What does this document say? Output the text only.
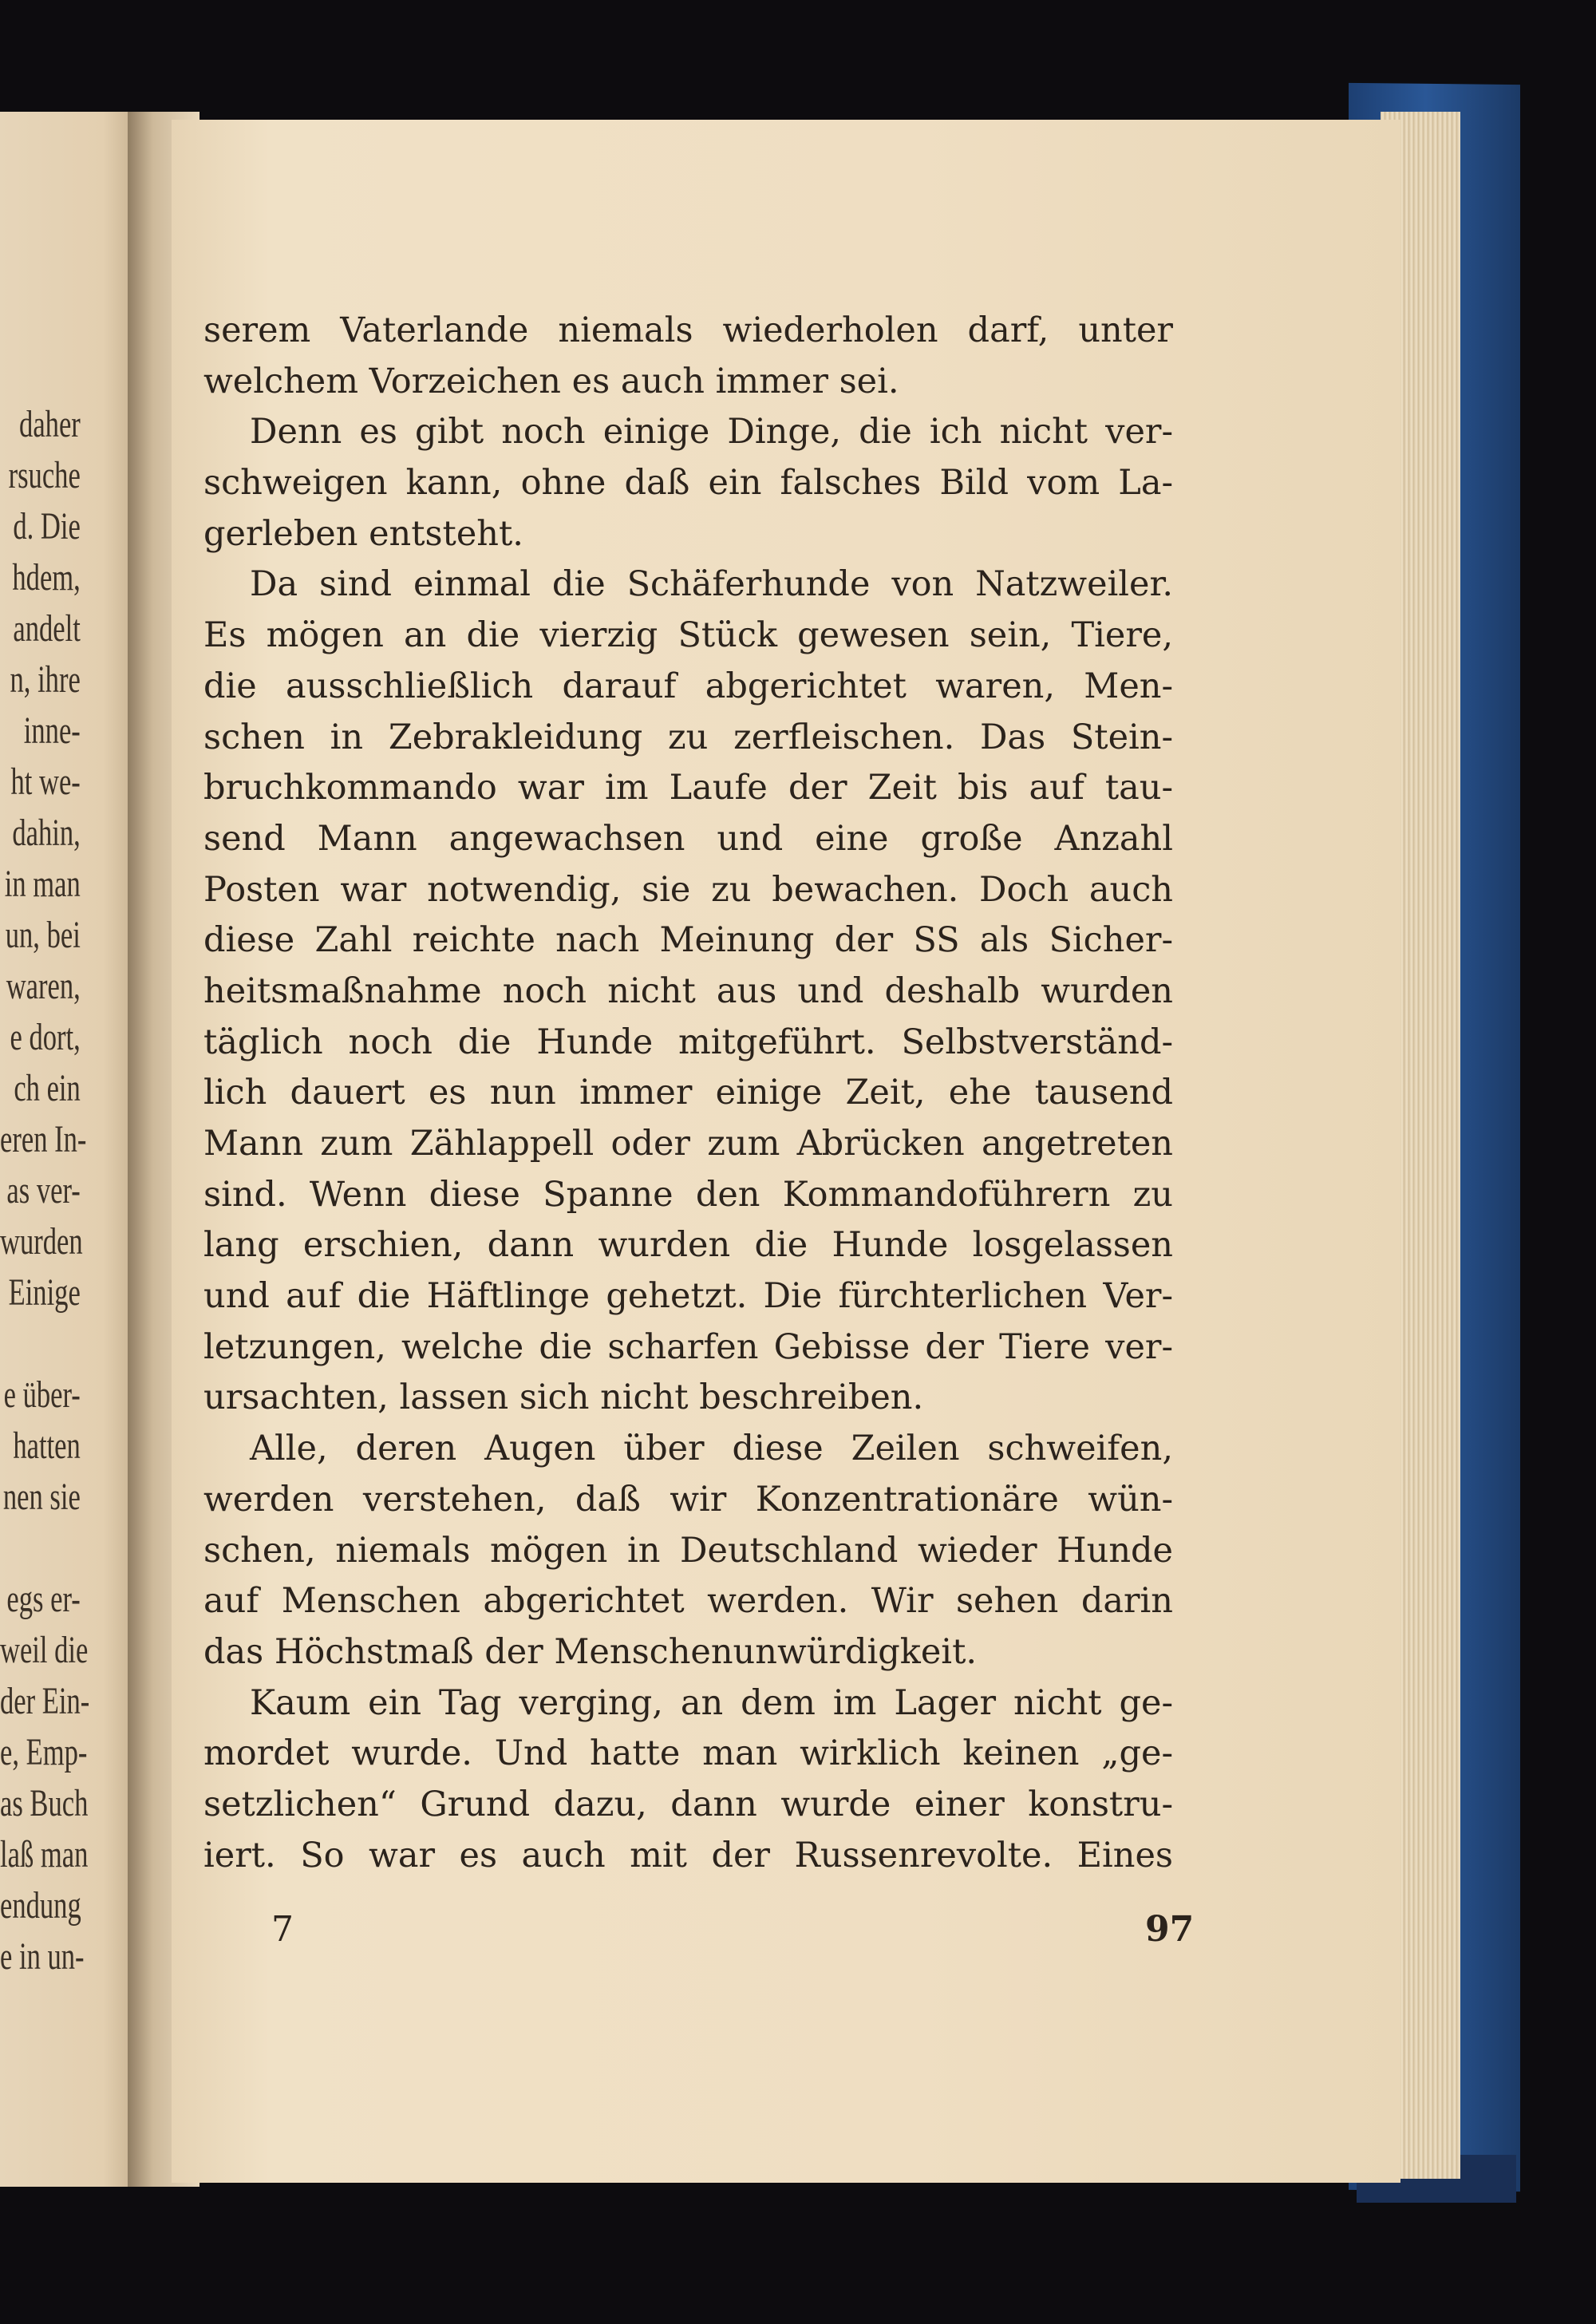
daher
rsuche
d. Die
hdem,
andelt
n, ihre
inne-
ht we-
dahin,
in man
un, bei
waren,
e dort,
ch ein
eren In-
as ver-
wurden
Einige
e über-
hatten
nen sie
egs er-
weil die
der Ein-
e, Emp-
as Buch
laß man
endung
e in un-
serem Vaterlande niemals wiederholen darf, unter
welchem Vorzeichen es auch immer sei.
Denn es gibt noch einige Dinge, die ich nicht ver-
schweigen kann, ohne daß ein falsches Bild vom La-
gerleben entsteht.
Da sind einmal die Schäferhunde von Natzweiler.
Es mögen an die vierzig Stück gewesen sein, Tiere,
die ausschließlich darauf abgerichtet waren, Men-
schen in Zebrakleidung zu zerfleischen. Das Stein-
bruchkommando war im Laufe der Zeit bis auf tau-
send Mann angewachsen und eine große Anzahl
Posten war notwendig, sie zu bewachen. Doch auch
diese Zahl reichte nach Meinung der SS als Sicher-
heitsmaßnahme noch nicht aus und deshalb wurden
täglich noch die Hunde mitgeführt. Selbstverständ-
lich dauert es nun immer einige Zeit, ehe tausend
Mann zum Zählappell oder zum Abrücken angetreten
sind. Wenn diese Spanne den Kommandoführern zu
lang erschien, dann wurden die Hunde losgelassen
und auf die Häftlinge gehetzt. Die fürchterlichen Ver-
letzungen, welche die scharfen Gebisse der Tiere ver-
ursachten, lassen sich nicht beschreiben.
Alle, deren Augen über diese Zeilen schweifen,
werden verstehen, daß wir Konzentrationäre wün-
schen, niemals mögen in Deutschland wieder Hunde
auf Menschen abgerichtet werden. Wir sehen darin
das Höchstmaß der Menschenunwürdigkeit.
Kaum ein Tag verging, an dem im Lager nicht ge-
mordet wurde. Und hatte man wirklich keinen „ge-
setzlichen“ Grund dazu, dann wurde einer konstru-
iert. So war es auch mit der Russenrevolte. Eines
7	97
